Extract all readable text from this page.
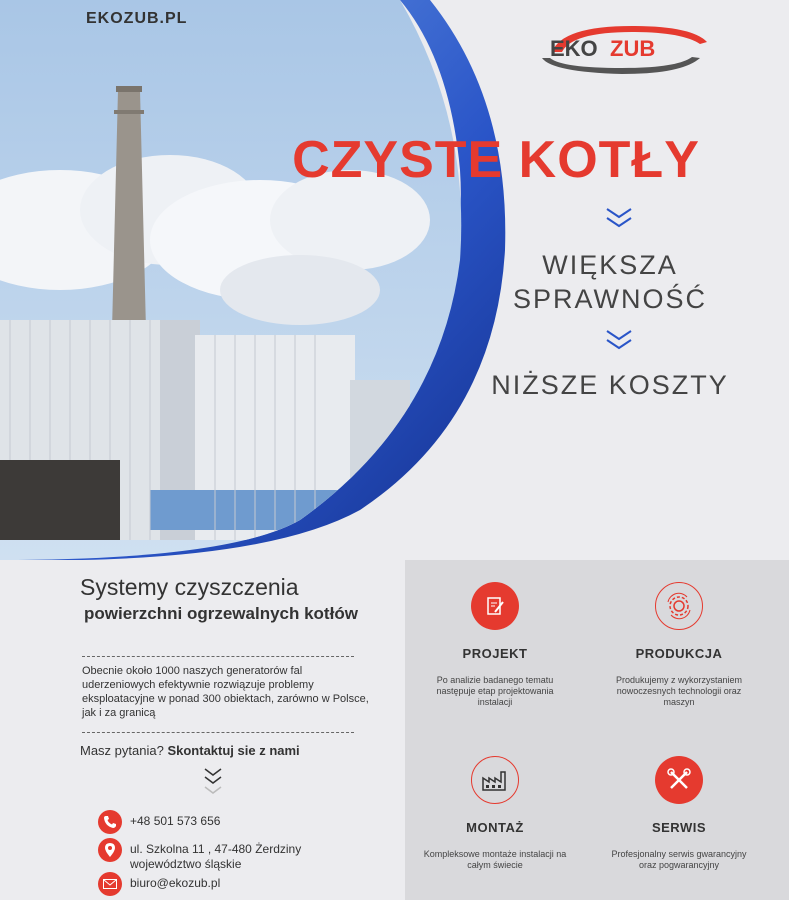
EKO ZUB
EKOZUB.PL
CZYSTE KOTŁY
WIĘKSZA
SPRAWNOŚĆ
NIŻSZE KOSZTY
Systemy czyszczenia
powierzchni ogrzewalnych kotłów
Obecnie około 1000 naszych generatorów fal uderzeniowych efektywnie rozwiązuje problemy eksploatacyjne w ponad 300 obiektach, zarówno w Polsce, jak i za granicą
Masz pytania? Skontaktuj sie z nami
+48 501 573 656
ul. Szkolna 11 , 47-480 Żerdziny
województwo śląskie
biuro@ekozub.pl
PROJEKT
Po analizie badanego tematu następuje etap projektowania instalacji
PRODUKCJA
Produkujemy z wykorzystaniem nowoczesnych technologii oraz maszyn
MONTAŻ
Kompleksowe montaże instalacji na całym świecie
SERWIS
Profesjonalny serwis gwarancyjny oraz pogwarancyjny
